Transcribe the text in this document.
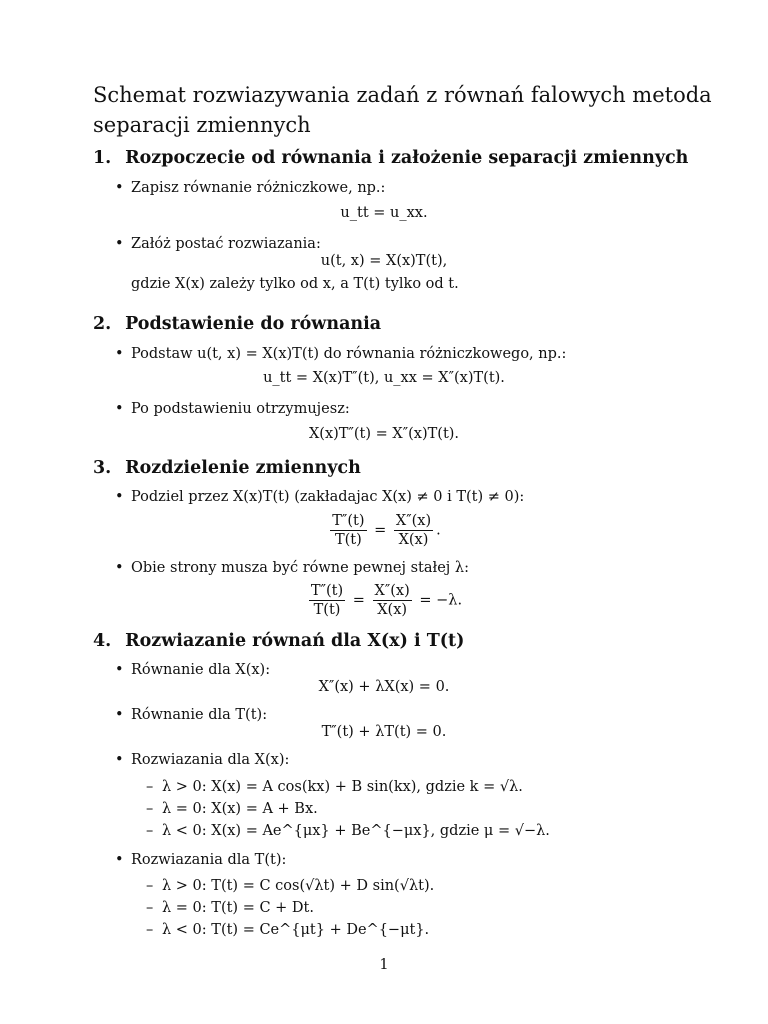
Schemat rozwiazywania zadań z równań falowych metoda separacji zmiennych
1. Rozpoczecie od równania i założenie separacji zmiennych
• Zapisz równanie różniczkowe, np.:
u_tt = u_xx.
• Załóż postać rozwiazania:
u(t, x) = X(x)T(t),
gdzie X(x) zależy tylko od x, a T(t) tylko od t.
2. Podstawienie do równania
• Podstaw u(t, x) = X(x)T(t) do równania różniczkowego, np.:
u_tt = X(x)T″(t), u_xx = X″(x)T(t).
• Po podstawieniu otrzymujesz:
X(x)T″(t) = X″(x)T(t).
3. Rozdzielenie zmiennych
• Podziel przez X(x)T(t) (zakładajac X(x) ≠ 0 i T(t) ≠ 0):
$\frac{T''(t)}{T(t)} = \frac{X''(x)}{X(x)}$ .
• Obie strony musza być równe pewnej stałej λ:
$\frac{T''(t)}{T(t)} = \frac{X''(x)}{X(x)} = -\lambda$.
4. Rozwiazanie równań dla X(x) i T(t)
• Równanie dla X(x):
X″(x) + λX(x) = 0.
• Równanie dla T(t):
T″(t) + λT(t) = 0.
• Rozwiazania dla X(x):
– λ > 0: X(x) = A cos(kx) + B sin(kx), gdzie k = √λ.
– λ = 0: X(x) = A + Bx.
– λ < 0: X(x) = Ae^{μx} + Be^{−μx}, gdzie μ = √−λ.
• Rozwiazania dla T(t):
– λ > 0: T(t) = C cos(√λt) + D sin(√λt).
– λ = 0: T(t) = C + Dt.
– λ < 0: T(t) = Ce^{μt} + De^{−μt}.
1
